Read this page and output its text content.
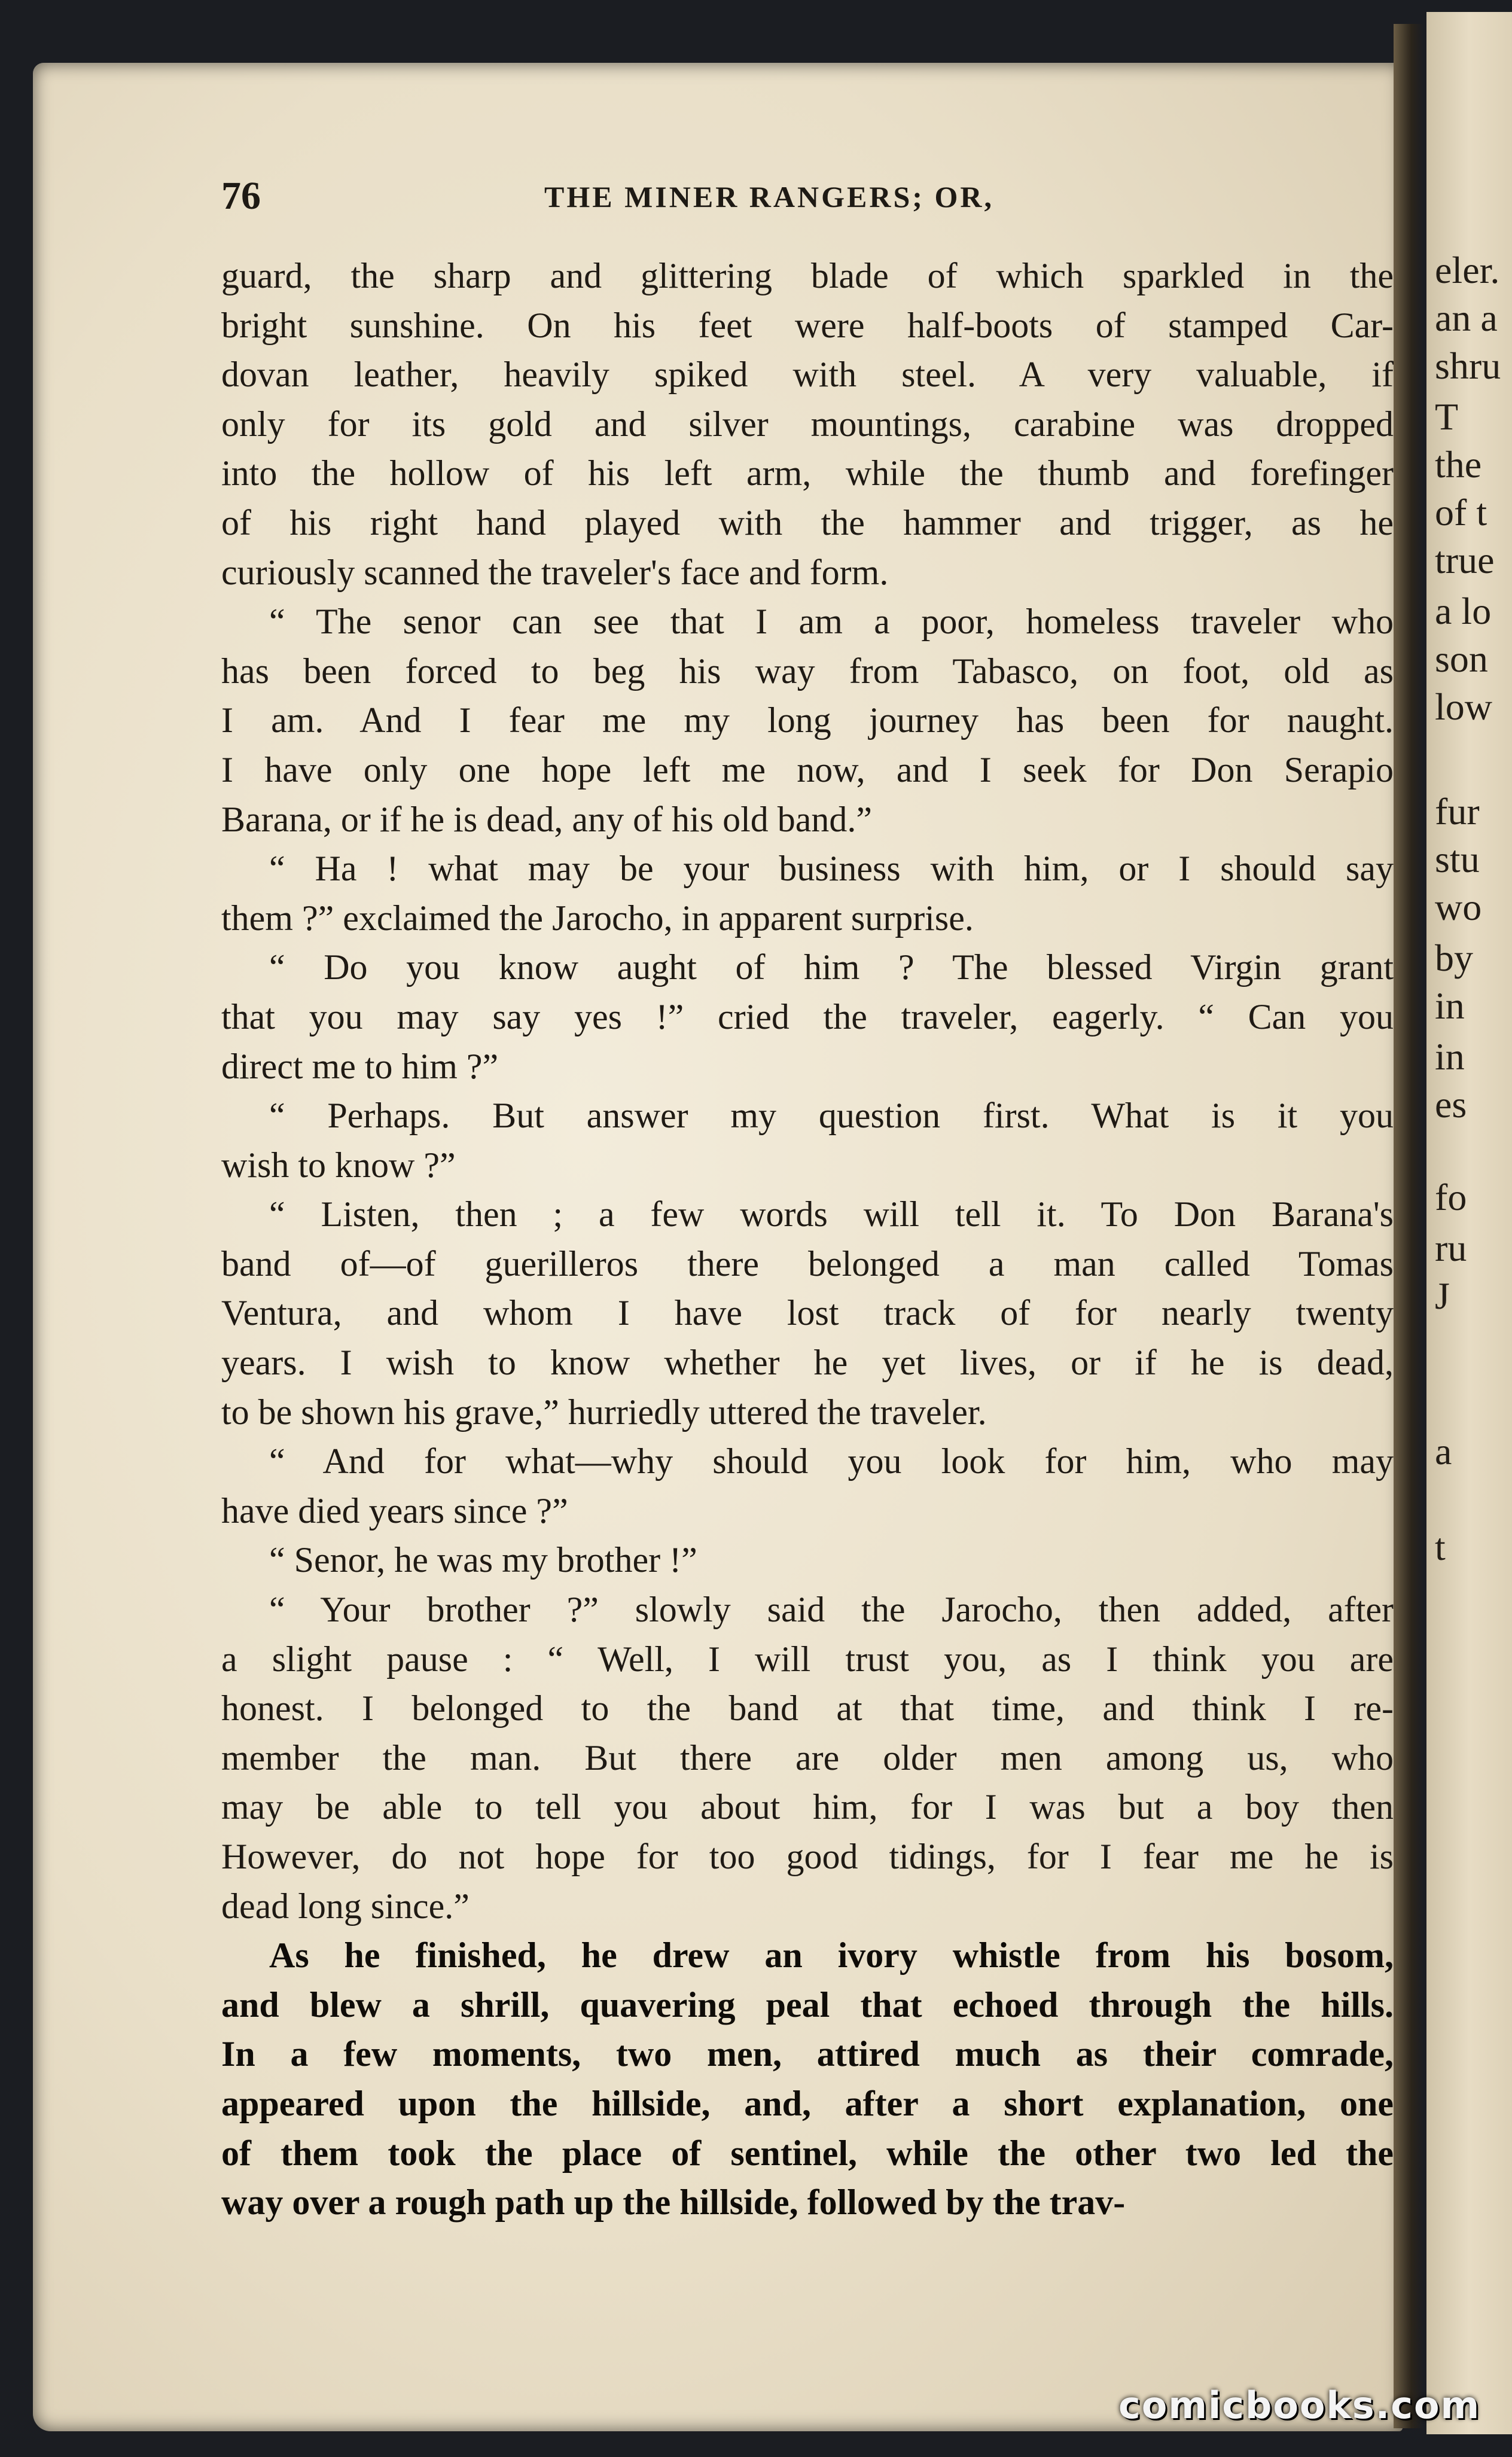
eler.
an a
shru
T
the
of t
true
a lo
son
low
fur
stu
wo
by
in
in
es
fo
ru
J
a
t
76	THE MINER RANGERS; OR,
guard, the sharp and glittering blade of which sparkled in the
bright sunshine. On his feet were half-boots of stamped Car-
dovan leather, heavily spiked with steel. A very valuable, if
only for its gold and silver mountings, carabine was dropped
into the hollow of his left arm, while the thumb and forefinger
of his right hand played with the hammer and trigger, as he
curiously scanned the traveler's face and form.
“ The senor can see that I am a poor, homeless traveler who
has been forced to beg his way from Tabasco, on foot, old as
I am. And I fear me my long journey has been for naught.
I have only one hope left me now, and I seek for Don Serapio
Barana, or if he is dead, any of his old band.”
“ Ha ! what may be your business with him, or I should say
them ?” exclaimed the Jarocho, in apparent surprise.
“ Do you know aught of him ? The blessed Virgin grant
that you may say yes !” cried the traveler, eagerly. “ Can you
direct me to him ?”
“ Perhaps. But answer my question first. What is it you
wish to know ?”
“ Listen, then ; a few words will tell it. To Don Barana's
band of—of guerilleros there belonged a man called Tomas
Ventura, and whom I have lost track of for nearly twenty
years. I wish to know whether he yet lives, or if he is dead,
to be shown his grave,” hurriedly uttered the traveler.
“ And for what—why should you look for him, who may
have died years since ?”
“ Senor, he was my brother !”
“ Your brother ?” slowly said the Jarocho, then added, after
a slight pause : “ Well, I will trust you, as I think you are
honest. I belonged to the band at that time, and think I re-
member the man. But there are older men among us, who
may be able to tell you about him, for I was but a boy then
However, do not hope for too good tidings, for I fear me he is
dead long since.”
As he finished, he drew an ivory whistle from his bosom,
and blew a shrill, quavering peal that echoed through the hills.
In a few moments, two men, attired much as their comrade,
appeared upon the hillside, and, after a short explanation, one
of them took the place of sentinel, while the other two led the
way over a rough path up the hillside, followed by the trav-
comicbooks.com
